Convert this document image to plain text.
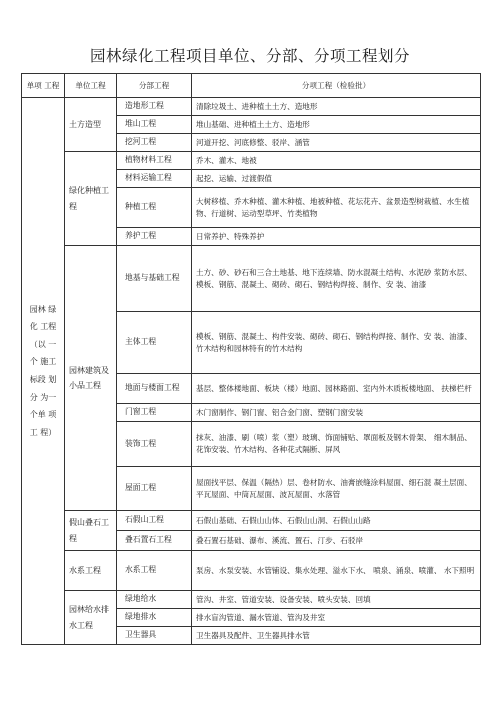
园林绿化工程项目单位、分部、分项工程划分
单项 工程	单位工程	分部工程	分项工程（检验批）
园林 绿化 工程（以 一个 施工 标段 划分 为一 个单 项 工 程）	土方造型	造地形工程	清除垃圾土、进种植土土方、造地形
		堆山工程	堆山基础、进种植土土方、造地形
		挖河工程	河道开挖、河底修整、驳岸、涵管
	绿化种植工程	植物材料工程	乔木、灌木、地被
		材料运输工程	起挖、运输、过渡假值
		种植工程	大树移植、乔木种植、灌木种植、地被种植、花坛花卉、盆景造型树栽植、水生植物、行道树、运动型草坪、竹类植物
		养护工程	日常养护、特殊养护
	园林建筑及小品工程	地基与基础工程	土方、砂、砂石和三合土地基、地下连续墙、防水混凝土结构、水泥砂 浆防水层、模板、钢筋、混凝土、砌砖、砌石、钢结构焊接、制作、安 装、油漆
		主体工程	模板、钢筋、混凝土、构件安装、砌砖、砌石、钢结构焊接、制作、安 装、油漆、竹木结构和园林特有的竹木结构
		地面与楼面工程	基层、整体楼地面、板块（楼）地面、园林路面、室内外木质板楼地面、 扶梯栏杆
		门窗工程	木门窗制作、钢门窗、铝合金门窗、塑钢门窗安装
		装饰工程	抹灰、油漆、刷（喷）浆（塑）玻璃、饰面铺贴、罩面板及钢木骨架、 细木制品、花饰安装、竹木结构、各种花式隔断、屏风
		屋面工程	屋面找平层、保温（隔热）层、卷材防水、油膏嵌缝涂料屋面、细石混 凝土层面、平瓦屋面、中筒瓦屋面、波瓦屋面、水落管
	假山叠石工程	石假山工程	石假山基础、石假山山体、石假山山洞、石假山山路
		叠石置石工程	叠石置石基础、瀑布、溪流、置石、汀步、石驳岸
	水系工程	水系工程	泵房、水泵安装、水管铺设、集水处理、溢水下水、 喷泉、涌泉、喷灌、 水下照明
	园林给水排水工程	绿地给水	管沟、井室、管道安装、设备安装、喷头安装、回填
		绿地排水	排水盲沟管道、漏水管道、管沟及井室
		卫生器具	卫生器具及配件、卫生器具排水管
